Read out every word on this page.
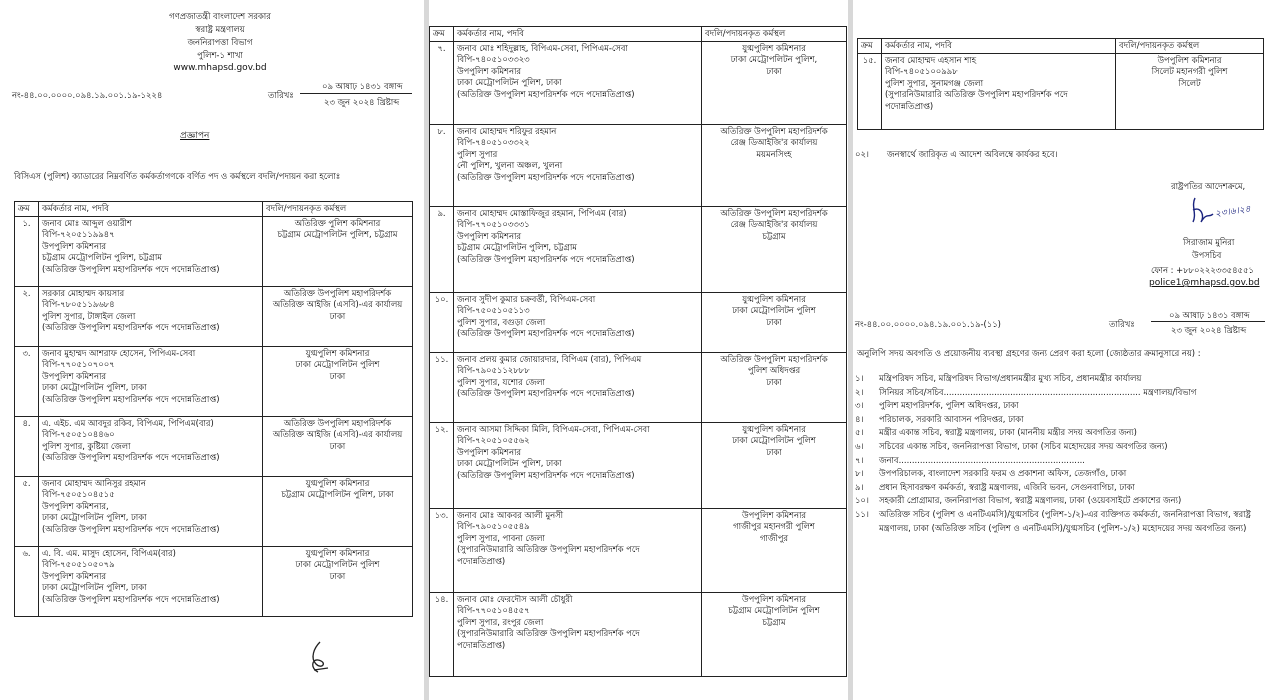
গণপ্রজাতন্ত্রী বাংলাদেশ সরকার
স্বরাষ্ট্র মন্ত্রণালয়
জননিরাপত্তা বিভাগ
পুলিশ-১ শাখা
www.mhapsd.gov.bd
০৯ আষাঢ় ১৪৩১ বঙ্গাব্দ
২৩ জুন ২০২৪ খ্রিষ্টাব্দ
নং-৪৪.০০.০০০০.০৯৪.১৯.০০১.১৯-১২২৪	তারিখঃ
প্রজ্ঞাপন
বিসিএস (পুলিশ) ক্যাডারের নিম্নবর্ণিত কর্মকর্তাগণকে বর্ণিত পদ ও কর্মস্থলে বদলি/পদায়ন করা হলোঃ
ক্রম	কর্মকর্তার নাম, পদবি	বদলি/পদায়নকৃত কর্মস্থল
১.	জনাব মোঃ আব্দুল ওয়ারীশ
বিপি-৭২০৫১১৯৯৪৭
উপপুলিশ কমিশনার
চট্টগ্রাম মেট্রোপলিটন পুলিশ, চট্টগ্রাম
(অতিরিক্ত উপপুলিশ মহাপরিদর্শক পদে পদোন্নতিপ্রাপ্ত)	অতিরিক্ত পুলিশ কমিশনার
চট্টগ্রাম মেট্রোপলিটন পুলিশ, চট্টগ্রাম

২.	সরকার মোহাম্মদ কায়সার
বিপি-৭৮০৫১১৯৬৮৪
পুলিশ সুপার, টাঙ্গাইল জেলা
(অতিরিক্ত উপপুলিশ মহাপরিদর্শক পদে পদোন্নতিপ্রাপ্ত)	অতিরিক্ত উপপুলিশ মহাপরিদর্শক
অতিরিক্ত আইজি (এসবি)-এর কার্যালয়
ঢাকা

৩.	জনাব মুহাম্মদ আশরাফ হোসেন, পিপিএম-সেবা
বিপি-৭৭০৫১০৭০০৭
উপপুলিশ কমিশনার
ঢাকা মেট্রোপলিটন পুলিশ, ঢাকা
(অতিরিক্ত উপপুলিশ মহাপরিদর্শক পদে পদোন্নতিপ্রাপ্ত)	যুগ্মপুলিশ কমিশনার
ঢাকা মেট্রোপলিটন পুলিশ
ঢাকা

৪.	এ. এইচ. এম আবদুর রকিব, বিপিএম, পিপিএম(বার)
বিপি-৭৫০৫১০৪৪৬০
পুলিশ সুপার, কুষ্টিয়া জেলা
(অতিরিক্ত উপপুলিশ মহাপরিদর্শক পদে পদোন্নতিপ্রাপ্ত)	অতিরিক্ত উপপুলিশ মহাপরিদর্শক
অতিরিক্ত আইজি (এসবি)-এর কার্যালয়
ঢাকা

৫.	জনাব মোহাম্মদ আনিসুর রহমান
বিপি-৭৫০৫১০৪৫১৫
উপপুলিশ কমিশনার,
ঢাকা মেট্রোপলিটন পুলিশ, ঢাকা
(অতিরিক্ত উপপুলিশ মহাপরিদর্শক পদে পদোন্নতিপ্রাপ্ত)	যুগ্মপুলিশ কমিশনার
চট্টগ্রাম মেট্রোপলিটন পুলিশ, ঢাকা

৬.	এ. বি. এম. মাসুদ হোসেন, বিপিএম(বার)
বিপি-৭৫০৫১০৫০৭৯
উপপুলিশ কমিশনার
ঢাকা মেট্রোপলিটন পুলিশ, ঢাকা
(অতিরিক্ত উপপুলিশ মহাপরিদর্শক পদে পদোন্নতিপ্রাপ্ত)	যুগ্মপুলিশ কমিশনার
ঢাকা মেট্রোপলিটন পুলিশ
ঢাকা
ক্রম	কর্মকর্তার নাম, পদবি	বদলি/পদায়নকৃত কর্মস্থল
৭.	জনাব মোঃ শহিদুল্লাহ, বিপিএম-সেবা, পিপিএম-সেবা
বিপি-৭৪০৫১০৩৩২৩
উপপুলিশ কমিশনার
ঢাকা মেট্রোপলিটন পুলিশ, ঢাকা
(অতিরিক্ত উপপুলিশ মহাপরিদর্শক পদে পদোন্নতিপ্রাপ্ত)	যুগ্মপুলিশ কমিশনার
ঢাকা মেট্রোপলিটন পুলিশ,
ঢাকা

৮.	জনাব মোহাম্মদ শরিফুর রহমান
বিপি-৭৪০৫১০৩৩২২
পুলিশ সুপার
নৌ পুলিশ, খুলনা অঞ্চল, খুলনা
(অতিরিক্ত উপপুলিশ মহাপরিদর্শক পদে পদোন্নতিপ্রাপ্ত)	অতিরিক্ত উপপুলিশ মহাপরিদর্শক
রেঞ্জ ডিআইজি'র কার্যালয়
ময়মনসিংহ

৯.	জনাব মোহাম্মদ মোস্তাফিজুর রহমান, পিপিএম (বার)
বিপি-৭৭০৫১০৩৩৩১
উপপুলিশ কমিশনার
চট্টগ্রাম মেট্রোপলিটন পুলিশ, চট্টগ্রাম
(অতিরিক্ত উপপুলিশ মহাপরিদর্শক পদে পদোন্নতিপ্রাপ্ত)	অতিরিক্ত উপপুলিশ মহাপরিদর্শক
রেঞ্জ ডিআইজি'র কার্যালয়
চট্টগ্রাম

১০.	জনাব সুদীপ কুমার চক্রবর্ত্তী, বিপিএম-সেবা
বিপি-৭৫০৫১০৫১১৩
পুলিশ সুপার, বগুড়া জেলা
(অতিরিক্ত উপপুলিশ মহাপরিদর্শক পদে পদোন্নতিপ্রাপ্ত)	যুগ্মপুলিশ কমিশনার
ঢাকা মেট্রোপলিটন পুলিশ
ঢাকা

১১.	জনাব প্রলয় কুমার জোয়ারদার, বিপিএম (বার), পিপিএম
বিপি-৭৯০৫১১২৮৮৮
পুলিশ সুপার, যশোর জেলা
(অতিরিক্ত উপপুলিশ মহাপরিদর্শক পদে পদোন্নতিপ্রাপ্ত)	অতিরিক্ত উপপুলিশ মহাপরিদর্শক
পুলিশ অধিদপ্তর
ঢাকা

১২.	জনাব আসমা সিদ্দিকা মিলি, বিপিএম-সেবা, পিপিএম-সেবা
বিপি-৭২০৫১০৫৫৬২
উপপুলিশ কমিশনার
ঢাকা মেট্রোপলিটন পুলিশ, ঢাকা
(অতিরিক্ত উপপুলিশ মহাপরিদর্শক পদে পদোন্নতিপ্রাপ্ত)	যুগ্মপুলিশ কমিশনার
ঢাকা মেট্রোপলিটন পুলিশ
ঢাকা

১৩.	জনাব মোঃ আকবর আলী মুনসী
বিপি-৭৯০৫১০৫৫৪৯
পুলিশ সুপার, পাবনা জেলা
(সুপারনিউমারারি অতিরিক্ত উপপুলিশ মহাপরিদর্শক পদে
পদোন্নতিপ্রাপ্ত)	উপপুলিশ কমিশনার
গাজীপুর মহানগরী পুলিশ
গাজীপুর

১৪.	জনাব মোঃ ফেরদৌস আলী চৌধুরী
বিপি-৭৭০৫১০৪৫৫৭
পুলিশ সুপার, রংপুর জেলা
(সুপারনিউমারারি অতিরিক্ত উপপুলিশ মহাপরিদর্শক পদে
পদোন্নতিপ্রাপ্ত)	উপপুলিশ কমিশনার
চট্টগ্রাম মেট্রোপলিটন পুলিশ
চট্টগ্রাম
ক্রম	কর্মকর্তার নাম, পদবি	বদলি/পদায়নকৃত কর্মস্থল
১৫.	জনাব মোহাম্মদ এহসান শাহ
বিপি-৭৪০৫১০০৯৯৮
পুলিশ সুপার, সুনামগঞ্জ জেলা
(সুপারনিউমারারি অতিরিক্ত উপপুলিশ মহাপরিদর্শক পদে
পদোন্নতিপ্রাপ্ত)	উপপুলিশ কমিশনার
সিলেট মহানগরী পুলিশ
সিলেট
০২। জনস্বার্থে জারিকৃত এ আদেশ অবিলম্বে কার্যকর হবে।
রাষ্ট্রপতির আদেশক্রমে,
২৩।৬।২৪
সিরাজাম মুনিরা
উপসচিব
ফোন : +৮৮০২২২৩৩৫৪৫৫১
police1@mhapsd.gov.bd
নং-৪৪.০০.০০০০.০৯৪.১৯.০০১.১৯-(১১)	তারিখঃ
০৯ আষাঢ় ১৪৩১ বঙ্গাব্দ
২৩ জুন ২০২৪ খ্রিষ্টাব্দ
অনুলিপি সদয় অবগতি ও প্রয়োজনীয় ব্যবস্থা গ্রহণের জন্য প্রেরণ করা হলো (জ্যেষ্ঠতার ক্রমানুসারে নয়) :
১। মন্ত্রিপরিষদ সচিব, মন্ত্রিপরিষদ বিভাগ/প্রধানমন্ত্রীর মুখ্য সচিব, প্রধানমন্ত্রীর কার্যালয়
২। সিনিয়র সচিব/সচিব.......................................................................... মন্ত্রণালয়/বিভাগ
৩। পুলিশ মহাপরিদর্শক, পুলিশ অধিদপ্তর, ঢাকা
৪। পরিচালক, সরকারি আবাসন পরিদপ্তর, ঢাকা
৫। মন্ত্রীর একান্ত সচিব, স্বরাষ্ট্র মন্ত্রণালয়, ঢাকা (মাননীয় মন্ত্রীর সদয় অবগতির জন্য)
৬। সচিবের একান্ত সচিব, জননিরাপত্তা বিভাগ, ঢাকা (সচিব মহোদয়ের সদয় অবগতির জন্য)
৭। জনাব......................................................................
৮। উপপরিচালক, বাংলাদেশ সরকারি ফরম ও প্রকাশনা অফিস, তেজগাঁও, ঢাকা
৯। প্রধান হিসাবরক্ষণ কর্মকর্তা, স্বরাষ্ট্র মন্ত্রণালয়, এজিবি ভবন, সেগুনবাগিচা, ঢাকা
১০। সহকারী প্রোগ্রামার, জননিরাপত্তা বিভাগ, স্বরাষ্ট্র মন্ত্রণালয়, ঢাকা (ওয়েবসাইটে প্রকাশের জন্য)
১১। অতিরিক্ত সচিব (পুলিশ ও এনটিএমসি)/যুগ্মসচিব (পুলিশ-১/২)-এর ব্যক্তিগত কর্মকর্তা, জননিরাপত্তা বিভাগ, স্বরাষ্ট্র
মন্ত্রণালয়, ঢাকা (অতিরিক্ত সচিব (পুলিশ ও এনটিএমসি)/যুগ্মসচিব (পুলিশ-১/২) মহোদয়ের সদয় অবগতির জন্য)
